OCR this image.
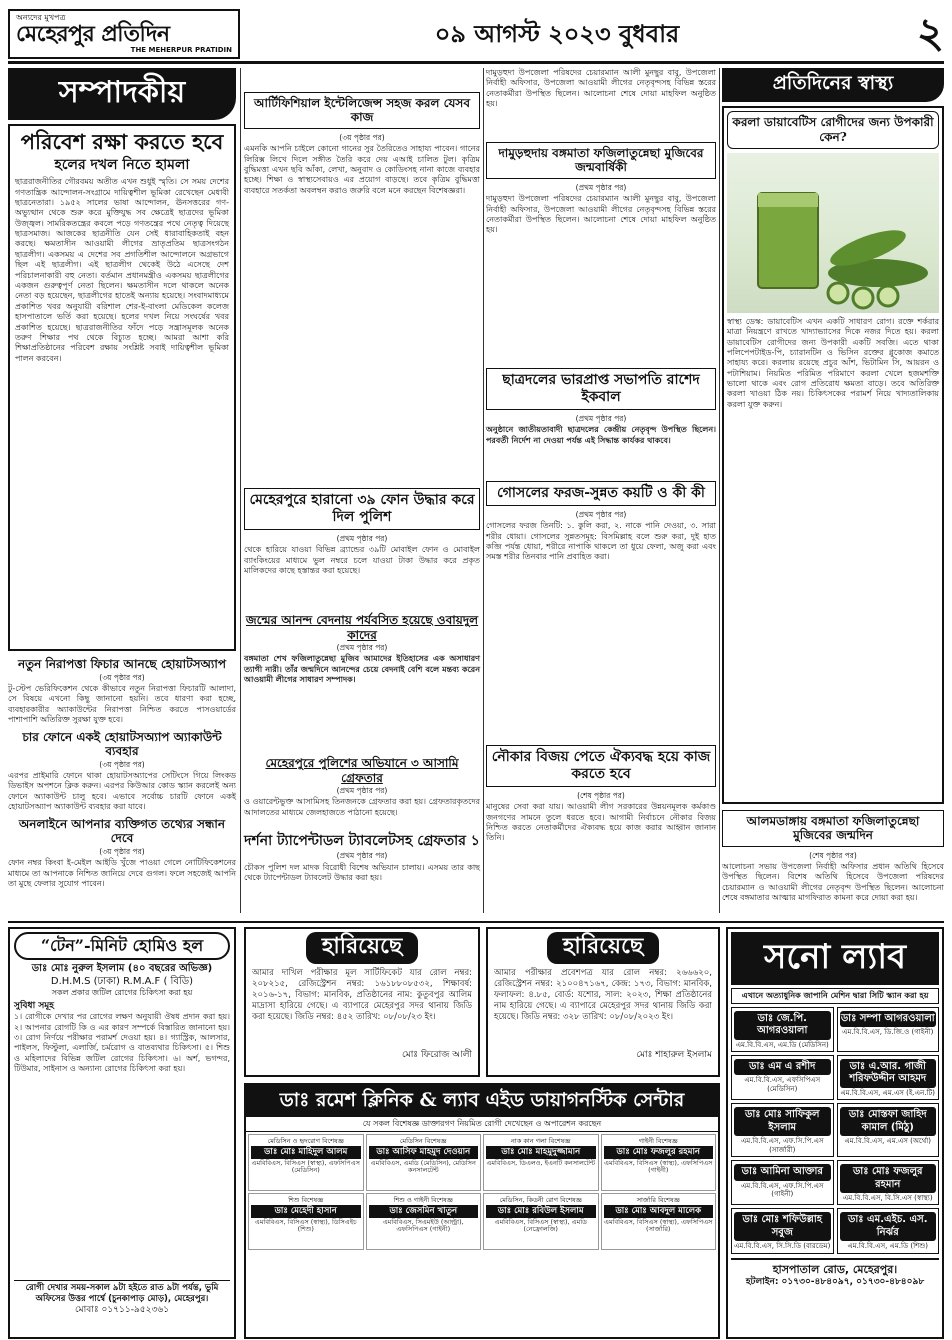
অন্যদের মুখপত্র
মেহেরপুর প্রতিদিন
THE MEHERPUR PRATIDIN
০৯ আগস্ট ২০২৩ বুধবার	২
সম্পাদকীয়
পরিবেশ রক্ষা করতে হবে
হলের দখল নিতে হামলা
ছাত্ররাজনীতির গৌরবময় অতীত এখন শুধুই স্মৃতি। সে সময় দেশের গণতান্ত্রিক আন্দোলন-সংগ্রামে দায়িত্বশীল ভূমিকা রেখেছেন মেধাবী ছাত্রনেতারা। ১৯৫২ সালের ভাষা আন্দোলন, ঊনসত্তরের গণ-অভ্যুত্থান থেকে শুরু করে মুক্তিযুদ্ধ সব ক্ষেত্রেই ছাত্রদের ভূমিকা উজ্জ্বল। সামরিকতন্ত্রের কবলে পড়ে গণতন্ত্রের পথে নেতৃত্ব দিয়েছে ছাত্রসমাজ। আজকের ছাত্রনীতি যেন সেই ধারাবাহিকতাই বহন করছে। ক্ষমতাসীন আওয়ামী লীগের ভ্রাতৃপ্রতিম ছাত্রসংগঠন ছাত্রলীগ। একসময় এ দেশের সব প্রগতিশীল আন্দোলনে অগ্রভাগে ছিল এই ছাত্রলীগ। এই ছাত্রলীগ থেকেই উঠে এসেছে দেশ পরিচালনাকারী বহু নেতা। বর্তমান প্রধানমন্ত্রীও একসময় ছাত্রলীগের একজন গুরুত্বপূর্ণ নেতা ছিলেন। ক্ষমতাসীন দলে থাকলে অনেক নেতা বড় হয়েছেন, ছাত্রলীগের হাতেই অন্যায় হয়েছে। সংবাদমাধ্যমে প্রকাশিত খবর অনুযায়ী বরিশাল শের-ই-বাংলা মেডিকেল কলেজ হাসপাতালে ভর্তি করা হয়েছে। হলের দখল নিয়ে সংঘর্ষের খবর প্রকাশিত হয়েছে। ছাত্ররাজনীতির ফাঁদে পড়ে সন্ত্রাসমূলক অনেক তরুণ শিক্ষার পথ থেকে বিচ্যুত হচ্ছে। আমরা আশা করি শিক্ষাপ্রতিষ্ঠানের পরিবেশ রক্ষায় সংশ্লিষ্ট সবাই দায়িত্বশীল ভূমিকা পালন করবেন।
নতুন নিরাপত্তা ফিচার আনছে হোয়াটসঅ্যাপ
(৩য় পৃষ্ঠার পর)
টু-স্টেপ ভেরিফিকেশন থেকে কীভাবে নতুন নিরাপত্তা ফিচারটি আলাদা, সে বিষয়ে এখনো কিছু জানানো হয়নি। তবে ধারণা করা হচ্ছে, ব্যবহারকারীর অ্যাকাউন্টের নিরাপত্তা নিশ্চিত করতে পাসওয়ার্ডের পাশাপাশি অতিরিক্ত সুরক্ষা যুক্ত হবে।
চার ফোনে একই হোয়াটসঅ্যাপ অ্যাকাউন্ট ব্যবহার
(৩য় পৃষ্ঠার পর)
এরপর প্রাইমারি ফোনে থাকা হোয়াটসঅ্যাপের সেটিংসে গিয়ে লিংকড ডিভাইস অপশনে ক্লিক করুন। এরপর কিউআর কোড স্ক্যান করলেই অন্য ফোনে অ্যাকাউন্ট চালু হবে। এভাবে সর্বোচ্চ চারটি ফোনে একই হোয়াটসঅ্যাপ অ্যাকাউন্ট ব্যবহার করা যাবে।
অনলাইনে আপনার ব্যক্তিগত তথ্যের সন্ধান দেবে
(৩য় পৃষ্ঠার পর)
ফোন নম্বর কিংবা ই-মেইল আইডি খুঁজে পাওয়া গেলে নোটিফিকেশনের মাধ্যমে তা আপনাকে নিশ্চিত জানিয়ে দেবে গুগল। ফলে সহজেই আপনি তা মুছে ফেলার সুযোগ পাবেন।
আর্টিফিশিয়াল ইন্টেলিজেন্স সহজ করল যেসব কাজ
(৩য় পৃষ্ঠার পর)
এমনকি আপনি চাইলে কোনো গানের সুর তৈরিতেও সাহায্য পাবেন। গানের লিরিক্স লিখে দিলে সঙ্গীত তৈরি করে দেয় এআই চালিত টুল। কৃত্রিম বুদ্ধিমত্তা এখন ছবি আঁকা, লেখা, অনুবাদ ও কোডিংসহ নানা কাজে ব্যবহার হচ্ছে। শিক্ষা ও স্বাস্থ্যসেবায়ও এর প্রয়োগ বাড়ছে। তবে কৃত্রিম বুদ্ধিমত্তা ব্যবহারে সতর্কতা অবলম্বন করাও জরুরি বলে মনে করছেন বিশেষজ্ঞরা।
মেহেরপুরে হারানো ৩৯ ফোন উদ্ধার করে দিল পুলিশ
(প্রথম পৃষ্ঠার পর)
থেকে হারিয়ে যাওয়া বিভিন্ন ব্র্যান্ডের ৩৯টি মোবাইল ফোন ও মোবাইল ব্যাংকিংয়ের মাধ্যমে ভুল নম্বরে চলে যাওয়া টাকা উদ্ধার করে প্রকৃত মালিকদের কাছে হস্তান্তর করা হয়েছে।
জন্মের আনন্দ বেদনায় পর্যবসিত হয়েছে ওবায়দুল কাদের
(প্রথম পৃষ্ঠার পর)
বঙ্গমাতা শেখ ফজিলাতুন্নেছা মুজিব আমাদের ইতিহাসের এক অসাধারণ ত্যাগী নারী। তাঁর জন্মদিনে আনন্দের চেয়ে বেদনাই বেশি বলে মন্তব্য করেন আওয়ামী লীগের সাধারণ সম্পাদক।
মেহেরপুরে পুলিশের অভিযানে ৩ আসামি গ্রেফতার
(প্রথম পৃষ্ঠার পর)
ও ওয়ারেন্টভুক্ত আসামিসহ তিনজনকে গ্রেফতার করা হয়। গ্রেফতারকৃতদের আদালতের মাধ্যমে জেলহাজতে পাঠানো হয়েছে।
দর্শনা ট্যাপেন্টাডল ট্যাবলেটসহ গ্রেফতার ১
(প্রথম পৃষ্ঠার পর)
চৌকস পুলিশ দল মাদক বিরোধী বিশেষ অভিযান চালায়। এসময় তার কাছ থেকে ট্যাপেন্টাডল ট্যাবলেট উদ্ধার করা হয়।
দামুড়হুদা উপজেলা পরিষদের চেয়ারম্যান আলী মুনছুর বাবু, উপজেলা নির্বাহী অফিসার, উপজেলা আওয়ামী লীগের নেতৃবৃন্দসহ বিভিন্ন স্তরের নেতাকর্মীরা উপস্থিত ছিলেন। আলোচনা শেষে দোয়া মাহফিল অনুষ্ঠিত হয়।
দামুড়হুদায় বঙ্গমাতা ফজিলাতুন্নেছা মুজিবের জন্মবার্ষিকী
(প্রথম পৃষ্ঠার পর)
দামুড়হুদা উপজেলা পরিষদের চেয়ারম্যান আলী মুনছুর বাবু, উপজেলা নির্বাহী অফিসার, উপজেলা আওয়ামী লীগের নেতৃবৃন্দসহ বিভিন্ন স্তরের নেতাকর্মীরা উপস্থিত ছিলেন। আলোচনা শেষে দোয়া মাহফিল অনুষ্ঠিত হয়।
ছাত্রদলের ভারপ্রাপ্ত সভাপতি রাশেদ ইকবাল
(প্রথম পৃষ্ঠার পর)
অনুষ্ঠানে জাতীয়তাবাদী ছাত্রদলের কেন্দ্রীয় নেতৃবৃন্দ উপস্থিত ছিলেন। পরবর্তী নির্দেশ না দেওয়া পর্যন্ত এই সিদ্ধান্ত কার্যকর থাকবে।
গোসলের ফরজ-সুন্নত কয়টি ও কী কী
(প্রথম পৃষ্ঠার পর)
গোসলের ফরজ তিনটি: ১. কুলি করা, ২. নাকে পানি দেওয়া, ৩. সারা শরীর ধোয়া। গোসলের সুন্নতসমূহ: বিসমিল্লাহ বলে শুরু করা, দুই হাত কব্জি পর্যন্ত ধোয়া, শরীরে নাপাকি থাকলে তা ধুয়ে ফেলা, অজু করা এবং সমস্ত শরীর তিনবার পানি প্রবাহিত করা।
নৌকার বিজয় পেতে ঐক্যবদ্ধ হয়ে কাজ করতে হবে
(শেষ পৃষ্ঠার পর)
মানুষের সেবা করা যায়। আওয়ামী লীগ সরকারের উন্নয়নমূলক কর্মকাণ্ড জনগণের সামনে তুলে ধরতে হবে। আগামী নির্বাচনে নৌকার বিজয় নিশ্চিত করতে নেতাকর্মীদের ঐক্যবদ্ধ হয়ে কাজ করার আহ্বান জানান তিনি।
প্রতিদিনের স্বাস্থ্য
করলা ডায়াবেটিস রোগীদের জন্য উপকারী কেন?
স্বাস্থ্য ডেস্ক: ডায়াবেটিস এখন একটি সাধারণ রোগ। রক্তে শর্করার মাত্রা নিয়ন্ত্রণে রাখতে খাদ্যাভ্যাসের দিকে নজর দিতে হয়। করলা ডায়াবেটিস রোগীদের জন্য উপকারী একটি সবজি। এতে থাকা পলিপেপটাইড-পি, চ্যারানটিন ও ভিসিন রক্তের গ্লুকোজ কমাতে সাহায্য করে। করলায় রয়েছে প্রচুর আঁশ, ভিটামিন সি, আয়রন ও পটাশিয়াম। নিয়মিত পরিমিত পরিমাণে করলা খেলে হজমশক্তি ভালো থাকে এবং রোগ প্রতিরোধ ক্ষমতা বাড়ে। তবে অতিরিক্ত করলা খাওয়া ঠিক নয়। চিকিৎসকের পরামর্শ নিয়ে খাদ্যতালিকায় করলা যুক্ত করুন।
আলমডাঙ্গায় বঙ্গমাতা ফজিলাতুন্নেছা মুজিবের জন্মদিন
(শেষ পৃষ্ঠার পর)
আলোচনা সভায় উপজেলা নির্বাহী অফিসার প্রধান অতিথি হিসেবে উপস্থিত ছিলেন। বিশেষ অতিথি হিসেবে উপজেলা পরিষদের চেয়ারম্যান ও আওয়ামী লীগের নেতৃবৃন্দ উপস্থিত ছিলেন। আলোচনা শেষে বঙ্গমাতার আত্মার মাগফিরাত কামনা করে দোয়া করা হয়।
“টেন”-মিনিট হোমিও হল
ডাঃ মোঃ নুরুল ইসলাম (৪০ বছরের অভিজ্ঞ)
D.H.M.S (ঢাকা) R.M.A.F ( বিডি)
সকল প্রকার জটিল রোগের চিকিৎসা করা হয়
সুবিধা সমূহ
১। রোগীকে দেখার পর রোগের লক্ষণ অনুযায়ী ঔষধ প্রদান করা হয়। ২। আপনার রোগটি কি ও এর কারণ সম্পর্কে বিস্তারিত জানানো হয়। ৩। রোগ নির্ণয়ে পরীক্ষার পরামর্শ দেওয়া হয়। ৪। গ্যাস্ট্রিক, আলসার, পাইলস, ফিস্টুলা, এলার্জি, চর্মরোগ ও বাতব্যথার চিকিৎসা। ৫। শিশু ও মহিলাদের বিভিন্ন জটিল রোগের চিকিৎসা। ৬। অর্শ, ভগন্দর, টিউমার, সাইনাস ও অন্যান্য রোগের চিকিৎসা করা হয়।
রোগী দেখার সময়-সকাল ৯টা হইতে রাত ৯টা পর্যন্ত, ভুমি অফিসের উত্তর পার্শ্বে (চুনকাপাড় মোড়), মেহেরপুর।
মোবাঃ ০১৭১১-৯৫২৩৬১
হারিয়েছে
আমার দাখিল পরীক্ষার মূল সার্টিফিকেট যার রোল নম্বর: ২০৮২১৫, রেজিস্ট্রেশন নম্বর: ১৬১৮৮০৮৫৩২, শিক্ষাবর্ষ: ২০১৬-১৭, বিভাগ: মানবিক, প্রতিষ্ঠানের নাম: কুতুবপুর আলিম মাদ্রাসা হারিয়ে গেছে। এ ব্যাপারে মেহেরপুর সদর থানায় জিডি করা হয়েছে। জিডি নম্বর: ৪৫২ তারিখ: ০৮/০৮/২৩ ইং।
মোঃ ফিরোজ আলী
হারিয়েছে
আমার পরীক্ষার প্রবেশপত্র যার রোল নম্বর: ২৬৬৬২০, রেজিস্ট্রেশন নম্বর: ২১০০৪৭১৬৭, কেন্দ্র: ১৭৩, বিভাগ: মানবিক, ফলাফল: ৪.৮৫, বোর্ড: যশোর, সাল: ২০২৩, শিক্ষা প্রতিষ্ঠানের নাম হারিয়ে গেছে। এ ব্যাপারে মেহেরপুর সদর থানায় জিডি করা হয়েছে। জিডি নম্বর: ৩২৮ তারিখ: ০৮/০৮/২০২৩ ইং।
মোঃ শাহারুল ইসলাম
ডাঃ রমেশ ক্লিনিক & ল্যাব এইড ডায়াগনস্টিক সেন্টার
যে সকল বিশেষজ্ঞ ডাক্তারগণ নিয়মিত রোগী দেখেছেন ও অপারেশন করছেন
মেডিসিন ও হৃদরোগ বিশেষজ্ঞ
ডাঃ মোঃ মাহিদুল আলম
এমবিবিএস, বিসিএস (স্বাস্থ্য), এফসিপিএস (মেডিসিন)
মেডিসিন বিশেষজ্ঞ
ডাঃ আসিফ মাহমুদ দেওয়ান
এমবিবিএস, এমডি (মেডিসিন), মেডিসিন কনসালটেন্ট
নাক কান গলা বিশেষজ্ঞ
ডাঃ মোঃ মাহমুদুজ্জামান
এমবিবিএস, ডিএলও, ইএনটি কনসালটেন্ট
গাইনী বিশেষজ্ঞ
ডাঃ মোঃ ফজলুর রহমান
এমবিবিএস, বিসিএস (স্বাস্থ্য), এফসিপিএস (গাইনী)
শিশু বিশেষজ্ঞ
ডাঃ মেহেদী হাসান
এমবিবিএস, বিসিএস (স্বাস্থ্য), ডিসিএইচ (শিশু)
শিশু ও গাইনী বিশেষজ্ঞ
ডাঃ জেসমিন খাতুন
এমবিবিএস, সিএমইউ (আল্ট্রা), এফসিপিএস (গাইনী)
মেডিসিন, কিডনী রোগ বিশেষজ্ঞ
ডাঃ মোঃ রবিউল ইসলাম
এমবিবিএস, বিসিএস (স্বাস্থ্য), এমডি (নেফ্রোলজি)
সার্জারি বিশেষজ্ঞ
ডাঃ মোঃ আবদুল মালেক
এমবিবিএস, বিসিএস (স্বাস্থ্য), এফসিপিএস (সার্জারি)
সনো ল্যাব
এখানে অত্যাধুনিক জাপানি মেশিন দ্বারা সিটি স্ক্যান করা হয়
ডাঃ জে.পি. আগরওয়ালা
এম.বি.বি.এস, এম.ডি (মেডিসিন)
ডাঃ সম্পা আগরওয়ালা
এম.বি.বি.এস, ডি.জি.ও (গাইনী)
ডাঃ এম এ রশীদ
এম.বি.বি.এস, এফসিপিএস (মেডিসিন)
ডাঃ এ.আর. গাজী শরিফউদ্দীন আহমদ
এম.বি.বি.এস, এম.এস (ই.এন.টি)
ডাঃ মোঃ সাফিকুল ইসলাম
এম.বি.বি.এস, এফ.সি.পি.এস (সার্জারী)
ডাঃ মোস্তফা জাহিদ কামাল (মিঠু)
এম.বি.বি.এস, এম.এস (অর্থো)
ডাঃ আমিনা আক্তার
এম.বি.বি.এস, এফ.সি.পি.এস (গাইনী)
ডাঃ মোঃ ফজলুর রহমান
এম.বি.বি.এস, বি.সি.এস (স্বাস্থ্য)
ডাঃ মোঃ শফিউল্লাহ সবুজ
এম.বি.বি.এস, সি.সি.ডি (বারডেম)
ডাঃ এম.এইচ. এস. নির্ঝর
এম.বি.বি.এস, এম.ডি (শিশু)
হাসপাতাল রোড, মেহেরপুর।
হটলাইন: ০১৭৩০-৪৮৪০৯৭, ০১৭৩০-৪৮৪০৯৮
